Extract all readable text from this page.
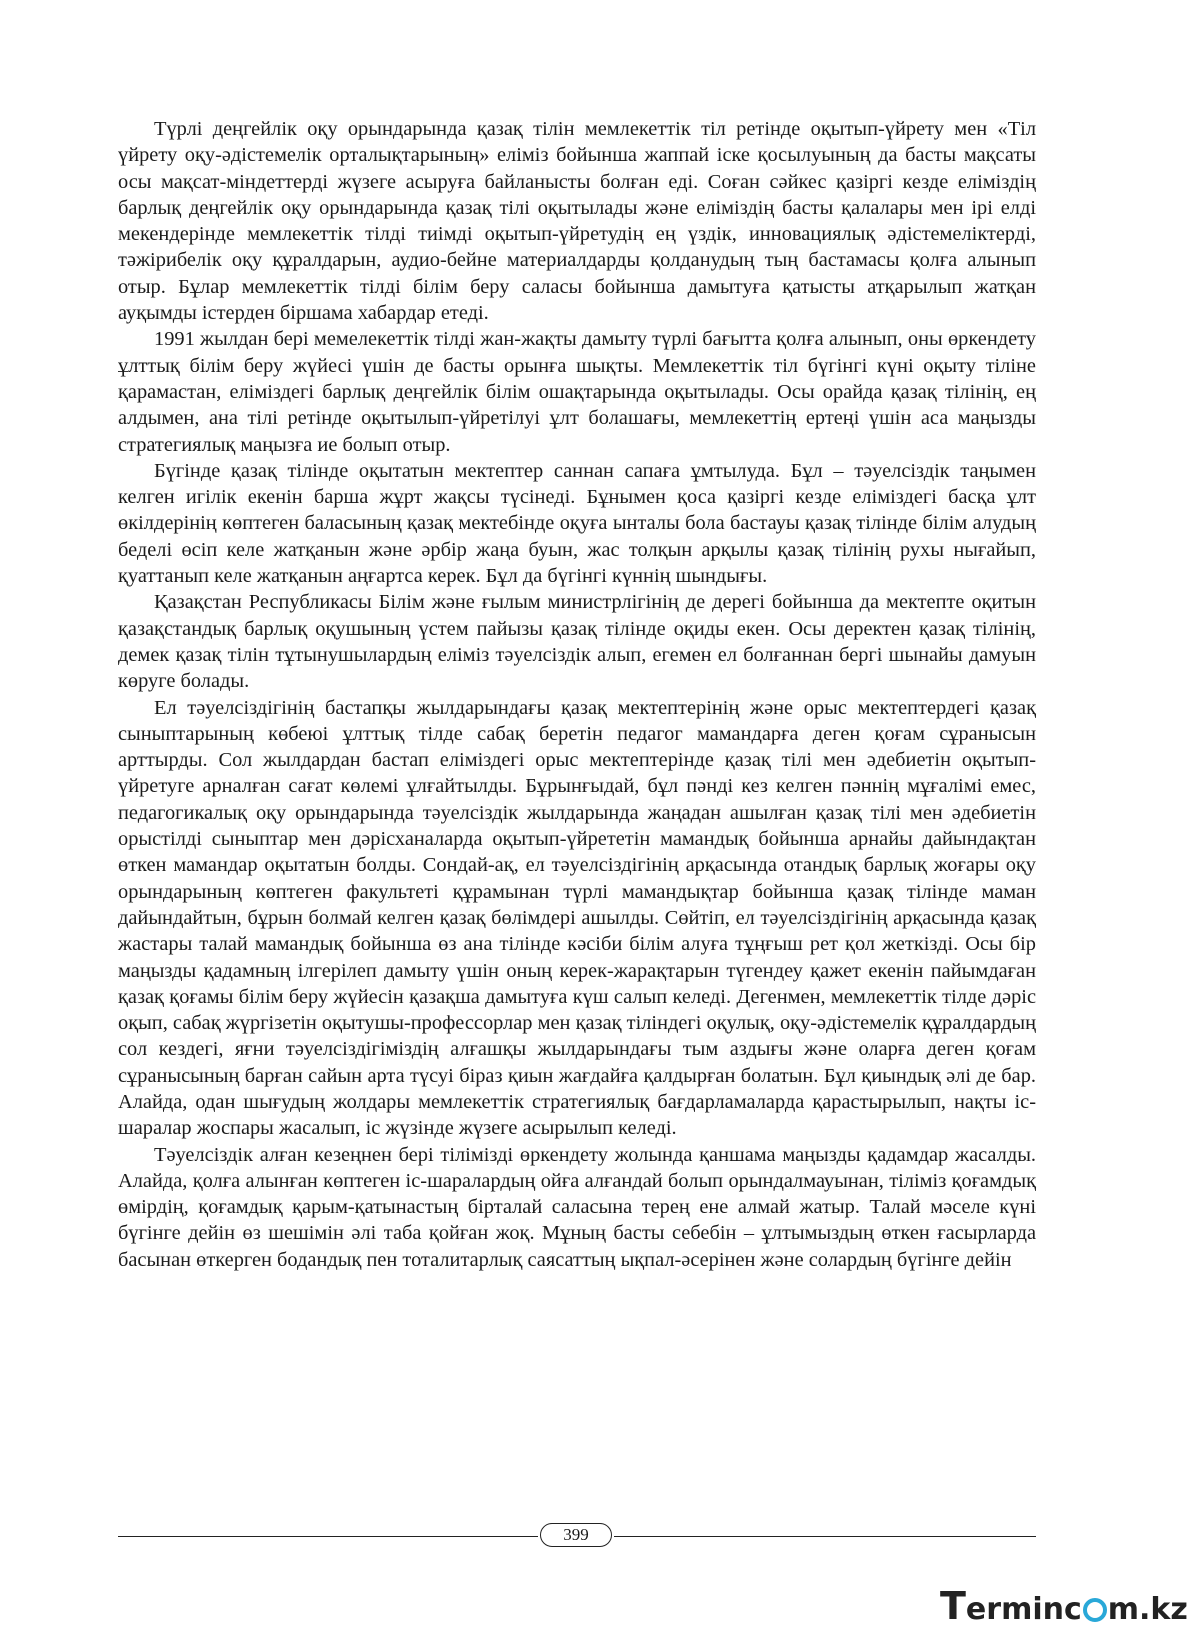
Түрлі деңгейлік оқу орындарында қазақ тілін мемлекеттік тіл ретінде оқытып-үйрету мен «Тіл үйрету оқу-әдістемелік орталықтарының» еліміз бойынша жаппай іске қосылуының да басты мақсаты осы мақсат-міндеттерді жүзеге асыруға байланысты болған еді. Соған сәйкес қазіргі кезде еліміздің барлық деңгейлік оқу орындарында қазақ тілі оқытылады және еліміздің басты қалалары мен ірі елді мекендерінде мемлекеттік тілді тиімді оқытып-үйретудің ең үздік, инновациялық әдістемеліктерді, тәжірибелік оқу құралдарын, аудио-бейне материалдарды қолданудың тың бастамасы қолға алынып отыр. Бұлар мемлекеттік тілді білім беру саласы бойынша дамытуға қатысты атқарылып жатқан ауқымды істерден біршама хабардар етеді.

1991 жылдан бері мемелекеттік тілді жан-жақты дамыту түрлі бағытта қолға алынып, оны өркендету ұлттық білім беру жүйесі үшін де басты орынға шықты. Мемлекеттік тіл бүгінгі күні оқыту тіліне қарамастан, еліміздегі барлық деңгейлік білім ошақтарында оқытылады. Осы орайда қазақ тілінің, ең алдымен, ана тілі ретінде оқытылып-үйретілуі ұлт болашағы, мемлекеттің ертеңі үшін аса маңызды стратегиялық маңызға ие болып отыр.

Бүгінде қазақ тілінде оқытатын мектептер саннан сапаға ұмтылуда. Бұл – тәуелсіздік таңымен келген игілік екенін барша жұрт жақсы түсінеді. Бұнымен қоса қазіргі кезде еліміздегі басқа ұлт өкілдерінің көптеген баласының қазақ мектебінде оқуға ынталы бола бастауы қазақ тілінде білім алудың беделі өсіп келе жатқанын және әрбір жаңа буын, жас толқын арқылы қазақ тілінің рухы нығайып, қуаттанып келе жатқанын аңғартса керек. Бұл да бүгінгі күннің шындығы.

Қазақстан Республикасы Білім және ғылым министрлігінің де дерегі бойынша да мектепте оқитын қазақстандық барлық оқушының үстем пайызы қазақ тілінде оқиды екен. Осы деректен қазақ тілінің, демек қазақ тілін тұтынушылардың еліміз тәуелсіздік алып, егемен ел болғаннан бергі шынайы дамуын көруге болады.

Ел тәуелсіздігінің бастапқы жылдарындағы қазақ мектептерінің және орыс мектептердегі қазақ сыныптарының көбеюі ұлттық тілде сабақ беретін педагог мамандарға деген қоғам сұранысын арттырды. Сол жылдардан бастап еліміздегі орыс мектептерінде қазақ тілі мен әдебиетін оқытып-үйретуге арналған сағат көлемі ұлғайтылды. Бұрынғыдай, бұл пәнді кез келген пәннің мұғалімі емес, педагогикалық оқу орындарында тәуелсіздік жылдарында жаңадан ашылған қазақ тілі мен әдебиетін орыстілді сыныптар мен дәрісханаларда оқытып-үйрететін мамандық бойынша арнайы дайындақтан өткен мамандар оқытатын болды. Сондай-ақ, ел тәуелсіздігінің арқасында отандық барлық жоғары оқу орындарының көптеген факультеті құрамынан түрлі мамандықтар бойынша қазақ тілінде маман дайындайтын, бұрын болмай келген қазақ бөлімдері ашылды. Сөйтіп, ел тәуелсіздігінің арқасында қазақ жастары талай мамандық бойынша өз ана тілінде кәсіби білім алуға тұңғыш рет қол жеткізді. Осы бір маңызды қадамның ілгерілеп дамыту үшін оның керек-жарақтарын түгендеу қажет екенін пайымдаған қазақ қоғамы білім беру жүйесін қазақша дамытуға күш салып келеді. Дегенмен, мемлекеттік тілде дәріс оқып, сабақ жүргізетін оқытушы-профессорлар мен қазақ тіліндегі оқулық, оқу-әдістемелік құралдардың сол кездегі, яғни тәуелсіздігіміздің алғашқы жылдарындағы тым аздығы және оларға деген қоғам сұранысының барған сайын арта түсуі біраз қиын жағдайға қалдырған болатын. Бұл қиындық әлі де бар. Алайда, одан шығудың жолдары мемлекеттік стратегиялық бағдарламаларда қарастырылып, нақты іс-шаралар жоспары жасалып, іс жүзінде жүзеге асырылып келеді.

Тәуелсіздік алған кезеңнен бері тілімізді өркендету жолында қаншама маңызды қадамдар жасалды. Алайда, қолға алынған көптеген іс-шаралардың ойға алғандай болып орындалмауынан, тіліміз қоғамдық өмірдің, қоғамдық қарым-қатынастың бірталай саласына терең ене алмай жатыр. Талай мәселе күні бүгінге дейін өз шешімін әлі таба қойған жоқ. Мұның басты себебін – ұлтымыздың өткен ғасырларда басынан өткерген бодандық пен тоталитарлық саясаттың ықпал-әсерінен және солардың бүгінге дейін

399
Terminc m.kz
